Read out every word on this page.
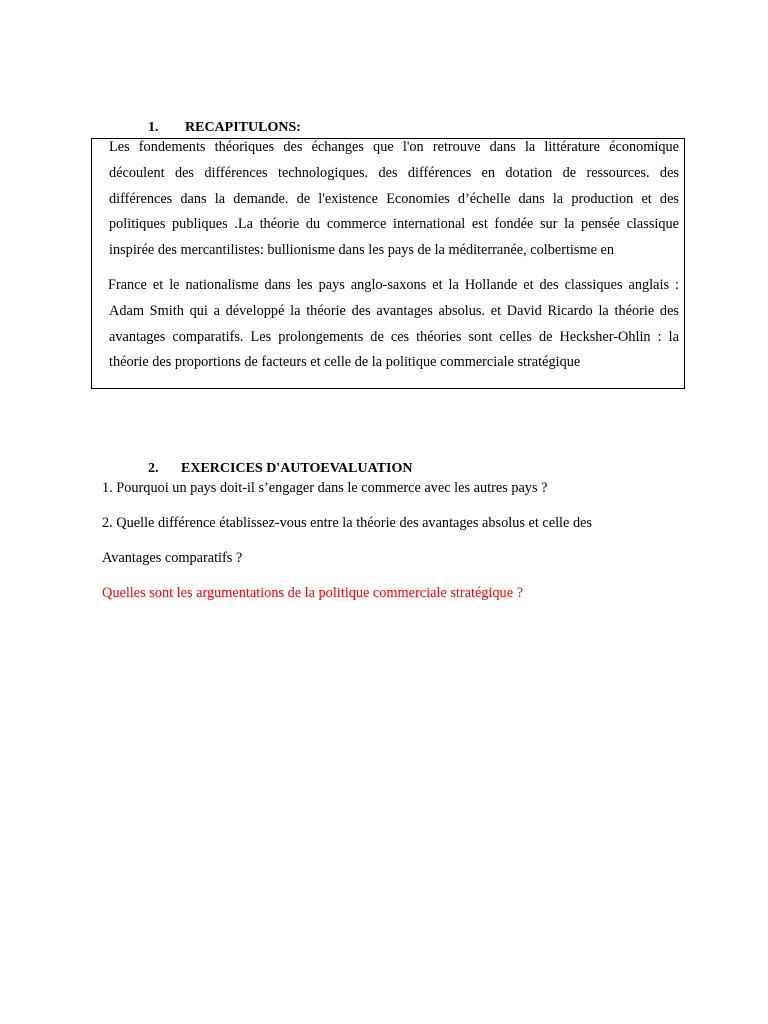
1. RECAPITULONS:
Les fondements théoriques des échanges que l'on retrouve dans la littérature économique
découlent des différences technologiques. des différences en dotation de ressources. des
différences dans la demande. de l'existence Economies d’échelle dans la production et des
politiques publiques .La théorie du commerce international est fondée sur la pensée classique
inspirée des mercantilistes: bullionisme dans les pays de la méditerranée, colbertisme en
France et le nationalisme dans les pays anglo-saxons et la Hollande et des classiques anglais :
Adam Smith qui a développé la théorie des avantages absolus. et David Ricardo la théorie des
avantages comparatifs. Les prolongements de ces théories sont celles de Hecksher-Ohlin : la
théorie des proportions de facteurs et celle de la politique commerciale stratégique
2. EXERCICES D'AUTOEVALUATION
1. Pourquoi un pays doit-il s’engager dans le commerce avec les autres pays ?
2. Quelle différence établissez-vous entre la théorie des avantages absolus et celle des
Avantages comparatifs ?
Quelles sont les argumentations de la politique commerciale stratégique ?
